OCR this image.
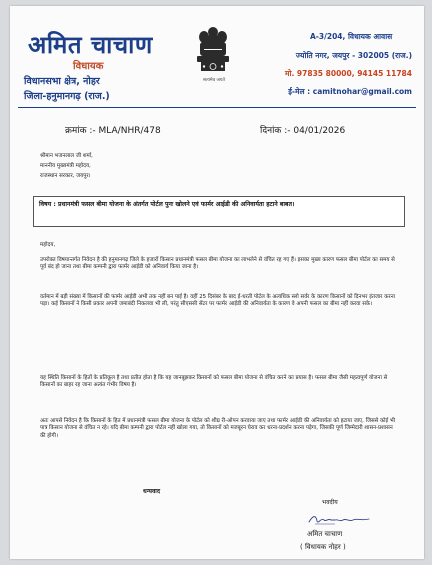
अमित चाचाण
विधायक
विधानसभा क्षेत्र, नोहर
जिला-हनुमानगढ़ (राज.)
सत्यमेव जयते
A-3/204, विधायक आवास
ज्योति नगर, जयपुर - 302005 (राज.)
मो. 97835 80000, 94145 11784
ई-मेल : camitnohar@gmail.com
क्रमांक :- MLA/NHR/478	दिनांक :- 04/01/2026
श्रीमान भजनलाल जी शर्मा,
माननीय मुख्यमंत्री महोदय,
राजस्थान सरकार, जयपुर।
विषय : प्रधानमंत्री फसल बीमा योजना के अंतर्गत पोर्टल पुनः खोलने एवं फार्मर आईडी की अनिवार्यता हटाने बाबत।
महोदय,
उपरोक्त विषयान्तर्गत निवेदन है की हनुमानगढ़ जिले के हजारों किसान प्रधानमंत्री फसल बीमा योजना का लाभलेने से वंचित रह गए हैं। इसका मुख्य कारण फसल बीमा पोर्टल का समय से पूर्व बंद हो जाना तथा बीमा कम्पनी द्वारा फार्मर आईडी को अनिवार्य किया जाना है।
वर्तमान में बड़ी संख्या में किसानों की फार्मर आईडी अभी तक नहीं बन पाई है। वहीं 25 दिसंबर के बाद ई-धरती पोर्टल के अत्यधिक स्लो सर्वर के कारण किसानों को दिनभर इंतजार करना पड़ा। कई किसानों ने किसी प्रकार अपनी जमाबंदी निकलवा भी ली, परंतु सीएससी सेंटर पर फार्मर आईडी की अनिवार्यता के कारण वे अपनी फसल का बीमा नहीं करवा सके।
यह स्थिति किसानों के हितों के प्रतिकूल है तथा प्रतीत होता है कि यह जानबूझकर किसानों को फसल बीमा योजना से वंचित करने का प्रयास है। फसल बीमा जैसी महत्वपूर्ण योजना से किसानों का बाहर रह जाना अत्यंत गंभीर विषय है।
अतः आपसे निवेदन है कि किसानों के हित में प्रधानमंत्री फसल बीमा योजना के पोर्टल को शीघ्र री-ओपन करवाया जाए तथा फार्मर आईडी की अनिवार्यता को हटाया जाए, जिससे कोई भी पात्र किसान योजना से वंचित न रहे। यदि बीमा कम्पनी द्वारा पोर्टल नहीं खोला गया, तो किसानों को मजबूरन घेराव कर धरना-प्रदर्शन करना पड़ेगा, जिसकी पूर्ण जिम्मेदारी शासन-प्रशासन की होगी।
धन्यवाद
भवदीय
अमित चाचाण
( विधायक नोहर )
